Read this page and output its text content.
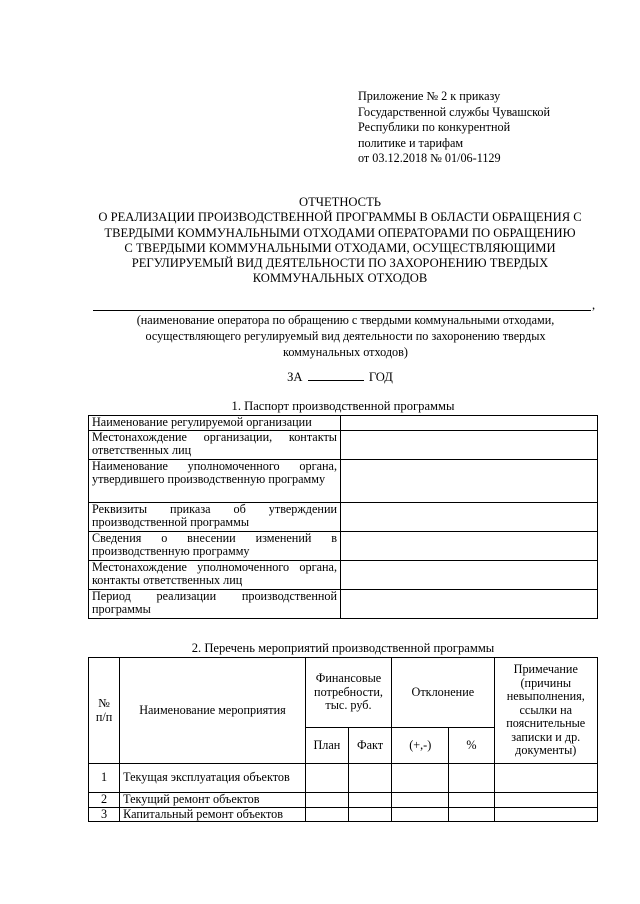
Приложение № 2 к приказу
Государственной службы Чувашской
Республики по конкурентной
политике и тарифам
от 03.12.2018 № 01/06-1129
ОТЧЕТНОСТЬ
О РЕАЛИЗАЦИИ ПРОИЗВОДСТВЕННОЙ ПРОГРАММЫ В ОБЛАСТИ ОБРАЩЕНИЯ С
ТВЕРДЫМИ КОММУНАЛЬНЫМИ ОТХОДАМИ ОПЕРАТОРАМИ ПО ОБРАЩЕНИЮ
С ТВЕРДЫМИ КОММУНАЛЬНЫМИ ОТХОДАМИ, ОСУЩЕСТВЛЯЮЩИМИ
РЕГУЛИРУЕМЫЙ ВИД ДЕЯТЕЛЬНОСТИ ПО ЗАХОРОНЕНИЮ ТВЕРДЫХ
КОММУНАЛЬНЫХ ОТХОДОВ
,
(наименование оператора по обращению с твердыми коммунальными отходами,
осуществляющего регулируемый вид деятельности по захоронению твердых
коммунальных отходов)
ЗА	ГОД
1. Паспорт производственной программы
Наименование регулируемой организации	
Местонахождение организации, контакты ответственных лиц	
Наименование уполномоченного органа, утвердившего производственную программу	
Реквизиты приказа об утверждении производственной программы	
Сведения о внесении изменений в производственную программу	
Местонахождение уполномоченного органа, контакты ответственных лиц	
Период реализации производственной программы	
2. Перечень мероприятий производственной программы
№ п/п	Наименование мероприятия	Финансовые потребности, тыс. руб.		Отклонение		Примечание (причины невыполнения, ссылки на пояснительные записки и др. документы)
		План	Факт	(+,-)	%	
1	Текущая эксплуатация объектов					
2	Текущий ремонт объектов					
3	Капитальный ремонт объектов					
